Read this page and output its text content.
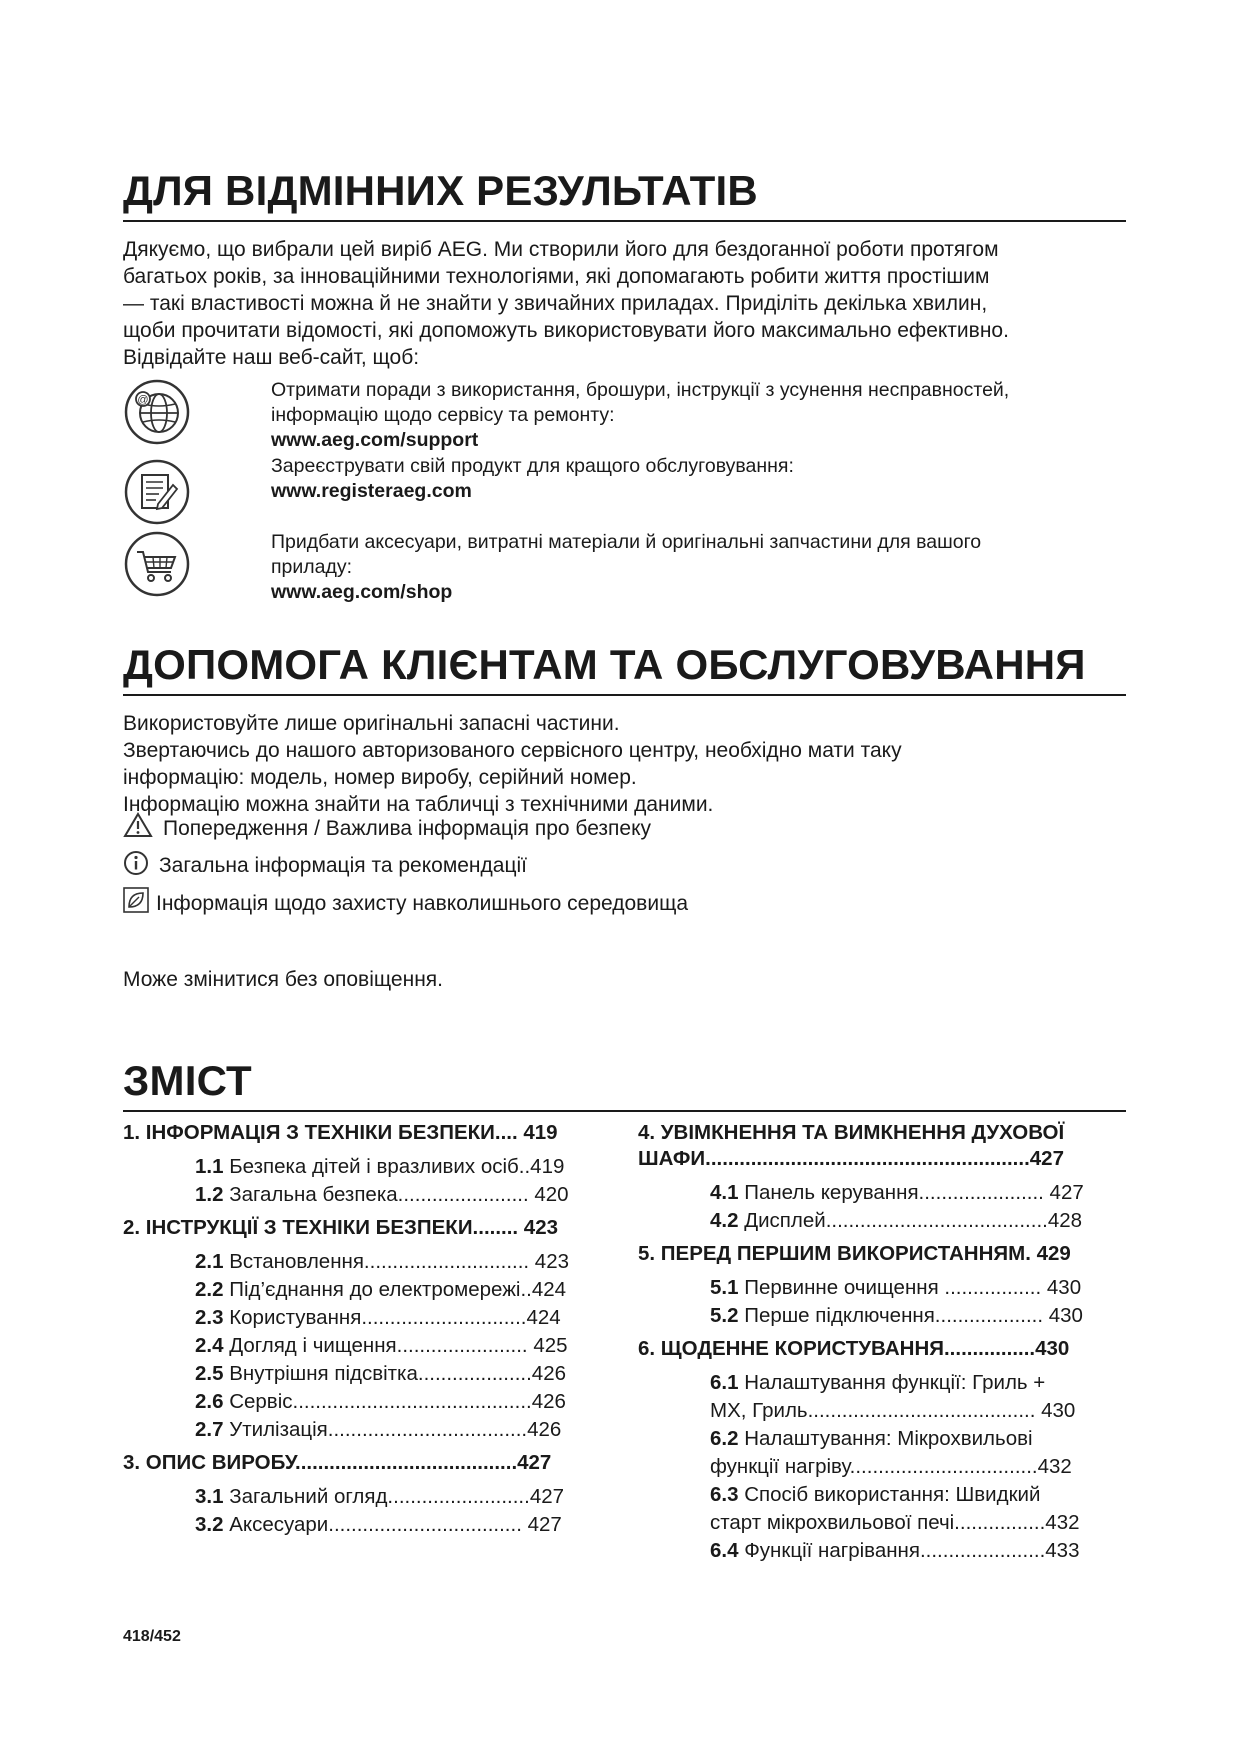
ДЛЯ ВІДМІННИХ РЕЗУЛЬТАТІВ

Дякуємо, що вибрали цей виріб AEG. Ми створили його для бездоганної роботи протягом

багатьох років, за інноваційними технологіями, які допомагають робити життя простішим

— такі властивості можна й не знайти у звичайних приладах. Приділіть декілька хвилин,

щоби прочитати відомості, які допоможуть використовувати його максимально ефективно.

Відвідайте наш веб-сайт, щоб:

@	Отримати поради з використання, брошури, інструкції з усунення несправностей,
інформацію щодо сервісу та ремонту:
www.aeg.com/support
Зареєструвати свій продукт для кращого обслуговування:
www.registeraeg.com
Придбати аксесуари, витратні матеріали й оригінальні запчастини для вашого
приладу:
www.aeg.com/shop
ДОПОМОГА КЛІЄНТАМ ТА ОБСЛУГОВУВАННЯ

Використовуйте лише оригінальні запасні частини.

Звертаючись до нашого авторизованого сервісного центру, необхідно мати таку

інформацію: модель, номер виробу, серійний номер.

Інформацію можна знайти на табличці з технічними даними.

Попередження / Важлива інформація про безпеку
Загальна інформація та рекомендації
Інформація щодо захисту навколишнього середовища
Може змінитися без оповіщення.
ЗМІСТ
1. ІНФОРМАЦІЯ З ТЕХНІКИ БЕЗПЕКИ.... 419
1.1 Безпека дітей і вразливих осіб..419
1.2 Загальна безпека....................... 420
2. ІНСТРУКЦІЇ З ТЕХНІКИ БЕЗПЕКИ........ 423
2.1 Встановлення............................. 423
2.2 Під’єднання до електромережі..424
2.3 Користування.............................424
2.4 Догляд і чищення....................... 425
2.5 Внутрішня підсвітка....................426
2.6 Сервіс..........................................426
2.7 Утилізація...................................426
3. ОПИС ВИРОБУ.......................................427
3.1 Загальний огляд.........................427
3.2 Аксесуари.................................. 427
4. УВІМКНЕННЯ ТА ВИМКНЕННЯ ДУХОВОЇ
ШАФИ.........................................................427
4.1 Панель керування...................... 427
4.2 Дисплей.......................................428
5. ПЕРЕД ПЕРШИМ ВИКОРИСТАННЯМ. 429
5.1 Первинне очищення ................. 430
5.2 Перше підключення................... 430
6. ЩОДЕННЕ КОРИСТУВАННЯ................430
6.1 Налаштування функції: Гриль +
МХ, Гриль........................................ 430
6.2 Налаштування: Мікрохвильові
функції нагріву.................................432
6.3 Спосіб використання: Швидкий
старт мікрохвильової печі................432
6.4 Функції нагрівання......................433
418/452
